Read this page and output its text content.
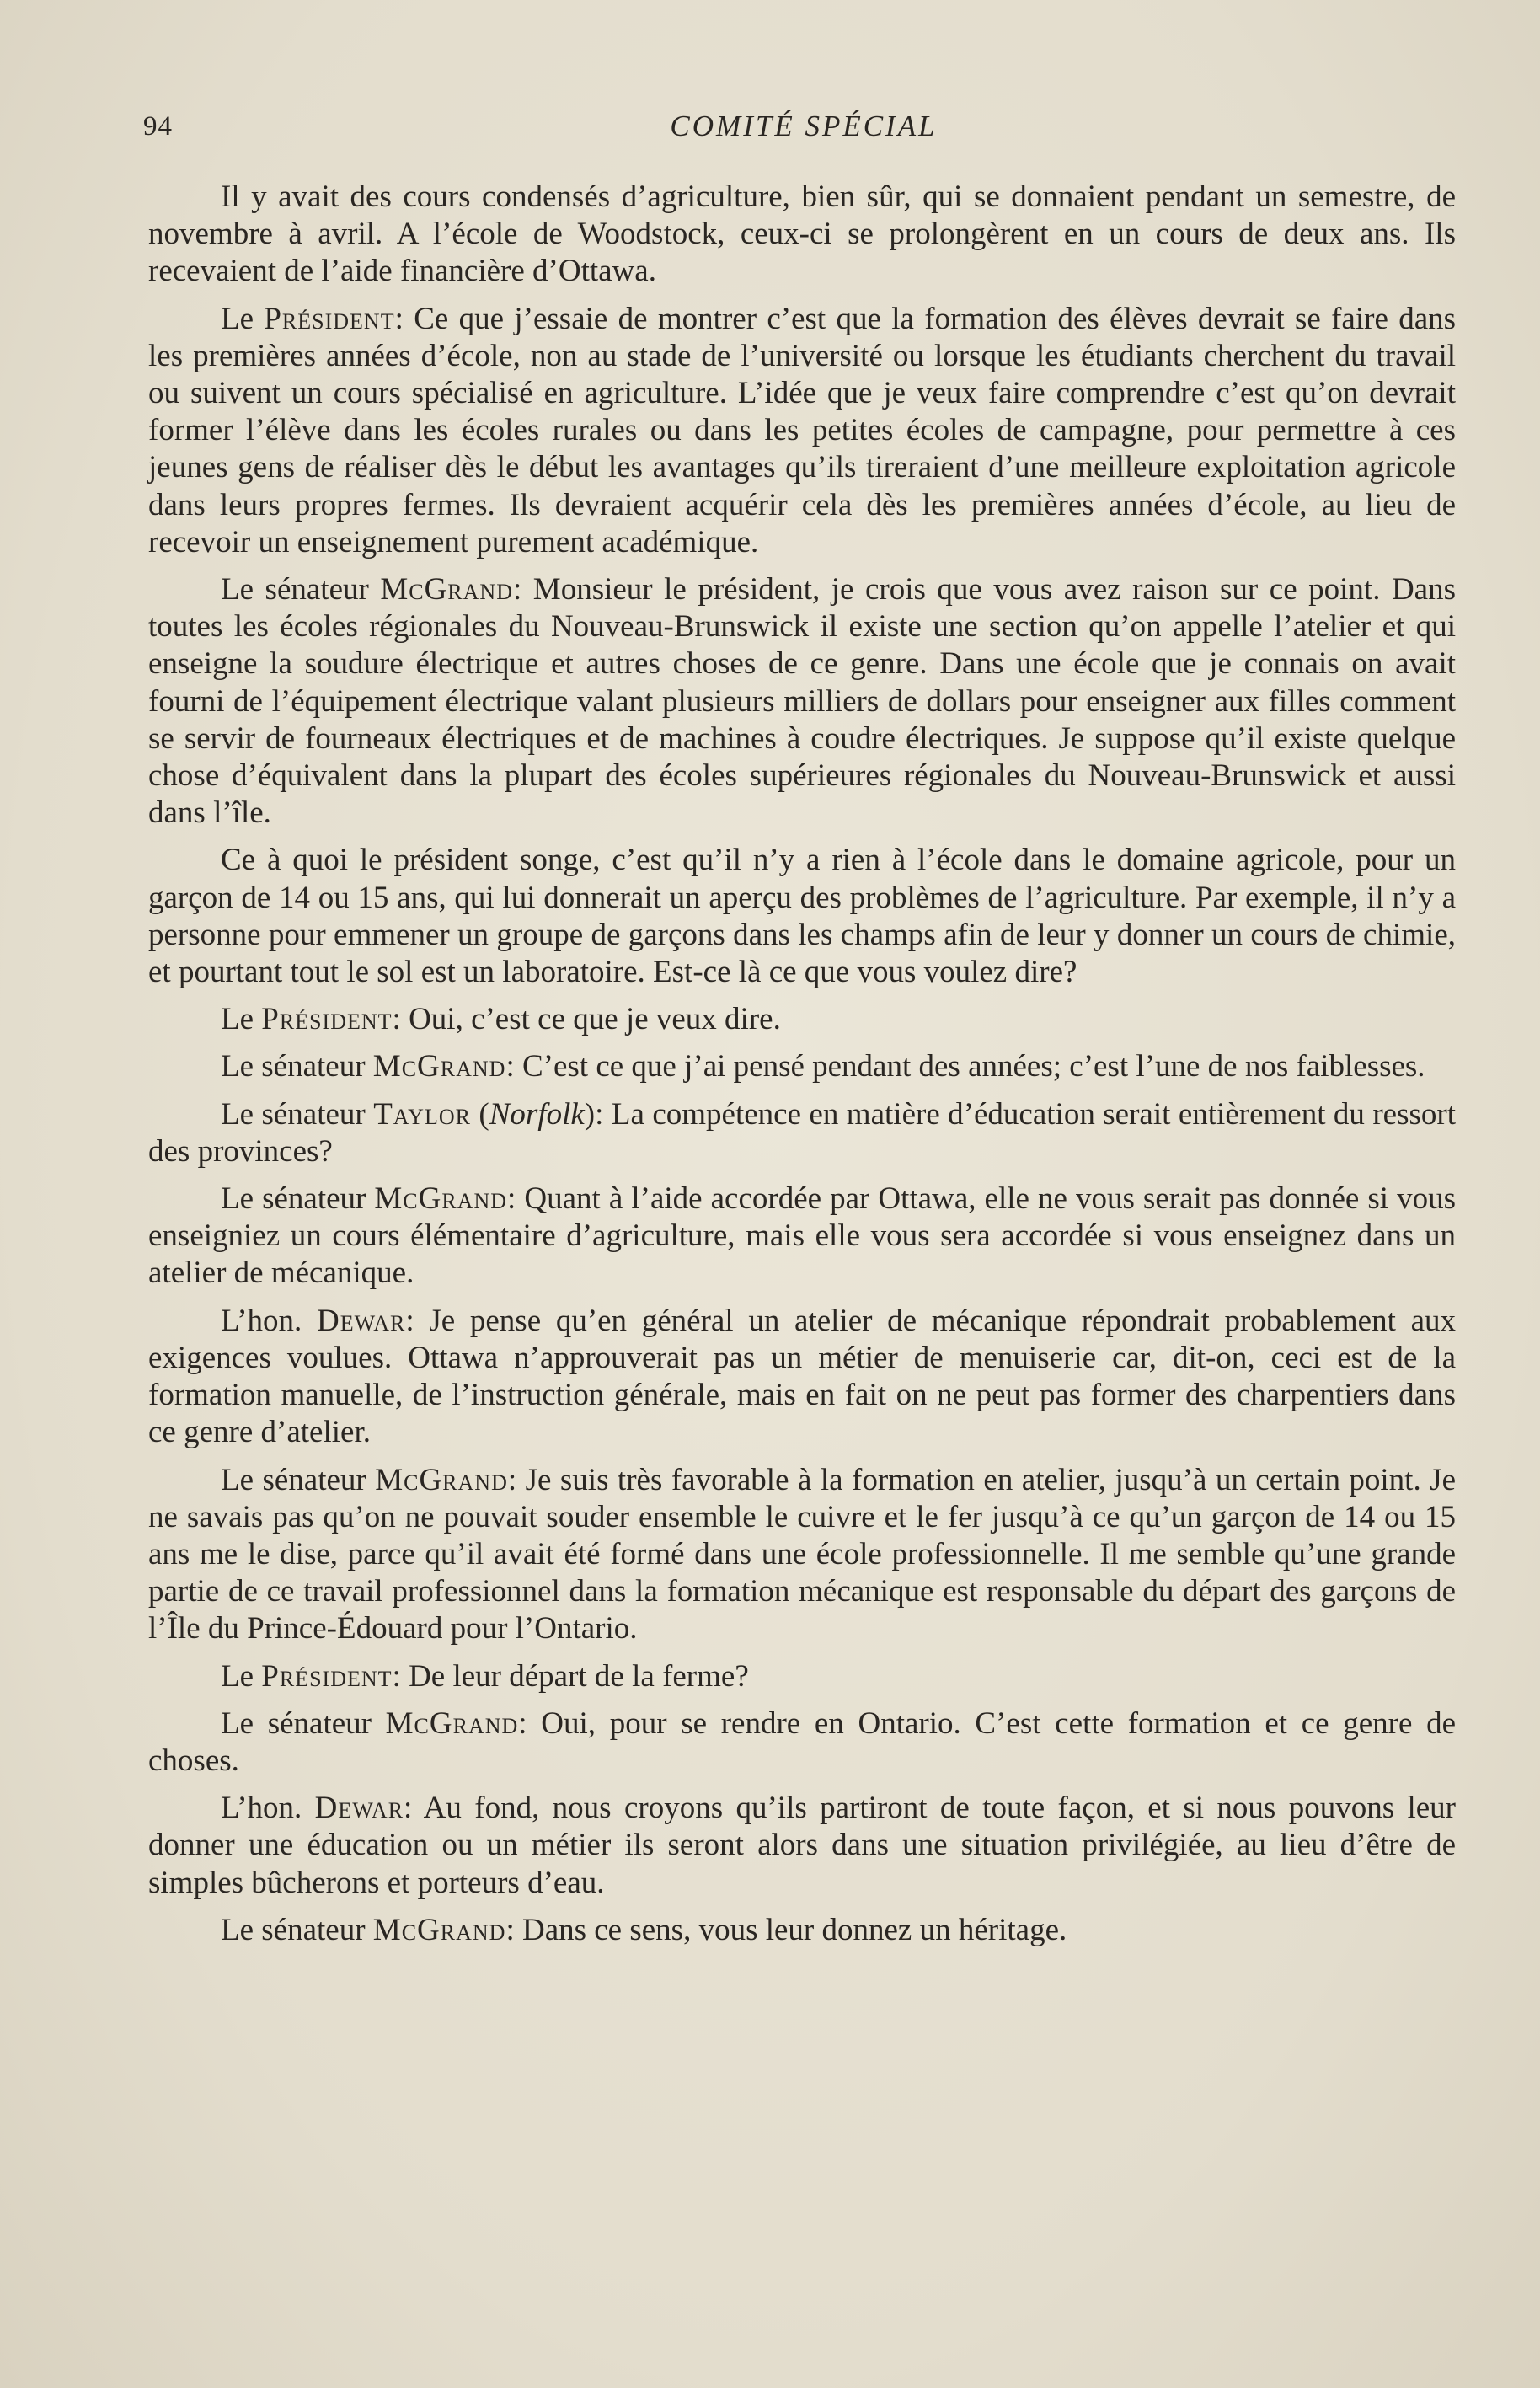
94	COMITÉ SPÉCIAL

Il y avait des cours condensés d’agriculture, bien sûr, qui se donnaient pendant un semestre, de novembre à avril. A l’école de Woodstock, ceux-ci se prolongèrent en un cours de deux ans. Ils recevaient de l’aide financière d’Ottawa.

Le Président: Ce que j’essaie de montrer c’est que la formation des élèves devrait se faire dans les premières années d’école, non au stade de l’université ou lorsque les étudiants cherchent du travail ou suivent un cours spécialisé en agriculture. L’idée que je veux faire comprendre c’est qu’on devrait former l’élève dans les écoles rurales ou dans les petites écoles de campagne, pour permettre à ces jeunes gens de réaliser dès le début les avantages qu’ils tireraient d’une meilleure exploitation agricole dans leurs propres fermes. Ils devraient acquérir cela dès les premières années d’école, au lieu de recevoir un enseignement purement académique.

Le sénateur McGrand: Monsieur le président, je crois que vous avez raison sur ce point. Dans toutes les écoles régionales du Nouveau-Brunswick il existe une section qu’on appelle l’atelier et qui enseigne la soudure électrique et autres choses de ce genre. Dans une école que je connais on avait fourni de l’équipement électrique valant plusieurs milliers de dollars pour enseigner aux filles comment se servir de fourneaux électriques et de machines à coudre électriques. Je suppose qu’il existe quelque chose d’équivalent dans la plupart des écoles supérieures régionales du Nouveau-Brunswick et aussi dans l’île.

Ce à quoi le président songe, c’est qu’il n’y a rien à l’école dans le domaine agricole, pour un garçon de 14 ou 15 ans, qui lui donnerait un aperçu des problèmes de l’agriculture. Par exemple, il n’y a personne pour emmener un groupe de garçons dans les champs afin de leur y donner un cours de chimie, et pourtant tout le sol est un laboratoire. Est-ce là ce que vous voulez dire?

Le Président: Oui, c’est ce que je veux dire.

Le sénateur McGrand: C’est ce que j’ai pensé pendant des années; c’est l’une de nos faiblesses.

Le sénateur Taylor (Norfolk): La compétence en matière d’éducation serait entièrement du ressort des provinces?

Le sénateur McGrand: Quant à l’aide accordée par Ottawa, elle ne vous serait pas donnée si vous enseigniez un cours élémentaire d’agriculture, mais elle vous sera accordée si vous enseignez dans un atelier de mécanique.

L’hon. Dewar: Je pense qu’en général un atelier de mécanique répondrait probablement aux exigences voulues. Ottawa n’approuverait pas un métier de menuiserie car, dit-on, ceci est de la formation manuelle, de l’instruction générale, mais en fait on ne peut pas former des charpentiers dans ce genre d’atelier.

Le sénateur McGrand: Je suis très favorable à la formation en atelier, jusqu’à un certain point. Je ne savais pas qu’on ne pouvait souder ensemble le cuivre et le fer jusqu’à ce qu’un garçon de 14 ou 15 ans me le dise, parce qu’il avait été formé dans une école professionnelle. Il me semble qu’une grande partie de ce travail professionnel dans la formation mécanique est responsable du départ des garçons de l’Île du Prince-Édouard pour l’Ontario.

Le Président: De leur départ de la ferme?

Le sénateur McGrand: Oui, pour se rendre en Ontario. C’est cette formation et ce genre de choses.

L’hon. Dewar: Au fond, nous croyons qu’ils partiront de toute façon, et si nous pouvons leur donner une éducation ou un métier ils seront alors dans une situation privilégiée, au lieu d’être de simples bûcherons et porteurs d’eau.

Le sénateur McGrand: Dans ce sens, vous leur donnez un héritage.
